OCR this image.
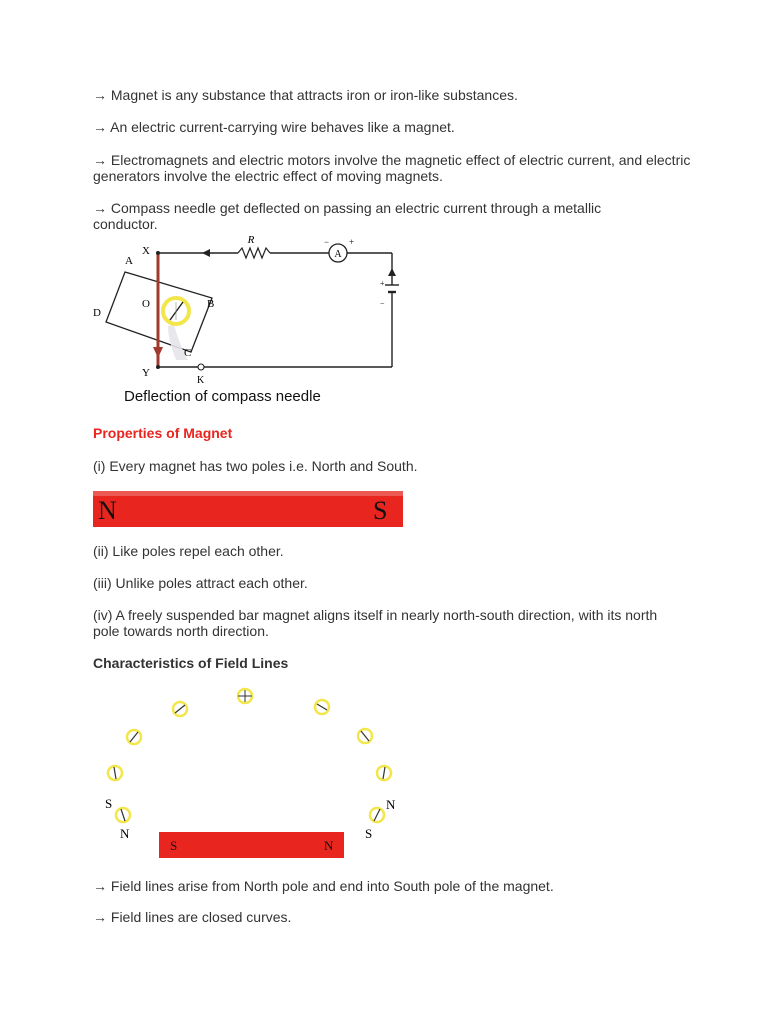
→ Magnet is any substance that attracts iron or iron-like substances.
→ An electric current-carrying wire behaves like a magnet.
→ Electromagnets and electric motors involve the magnetic effect of electric current, and electric generators involve the electric effect of moving magnets.
→ Compass needle get deflected on passing an electric current through a metallic conductor.
R
A
− +
+
−
K
X
A
O	B
D
C
Y
Deflection of compass needle
Properties of Magnet
(i) Every magnet has two poles i.e. North and South.
N	S
(ii) Like poles repel each other.
(iii) Unlike poles attract each other.
(iv) A freely suspended bar magnet aligns itself in nearly north-south direction, with its north pole towards north direction.
Characteristics of Field Lines
S
N
N
S
S	N
→ Field lines arise from North pole and end into South pole of the magnet.
→ Field lines are closed curves.
